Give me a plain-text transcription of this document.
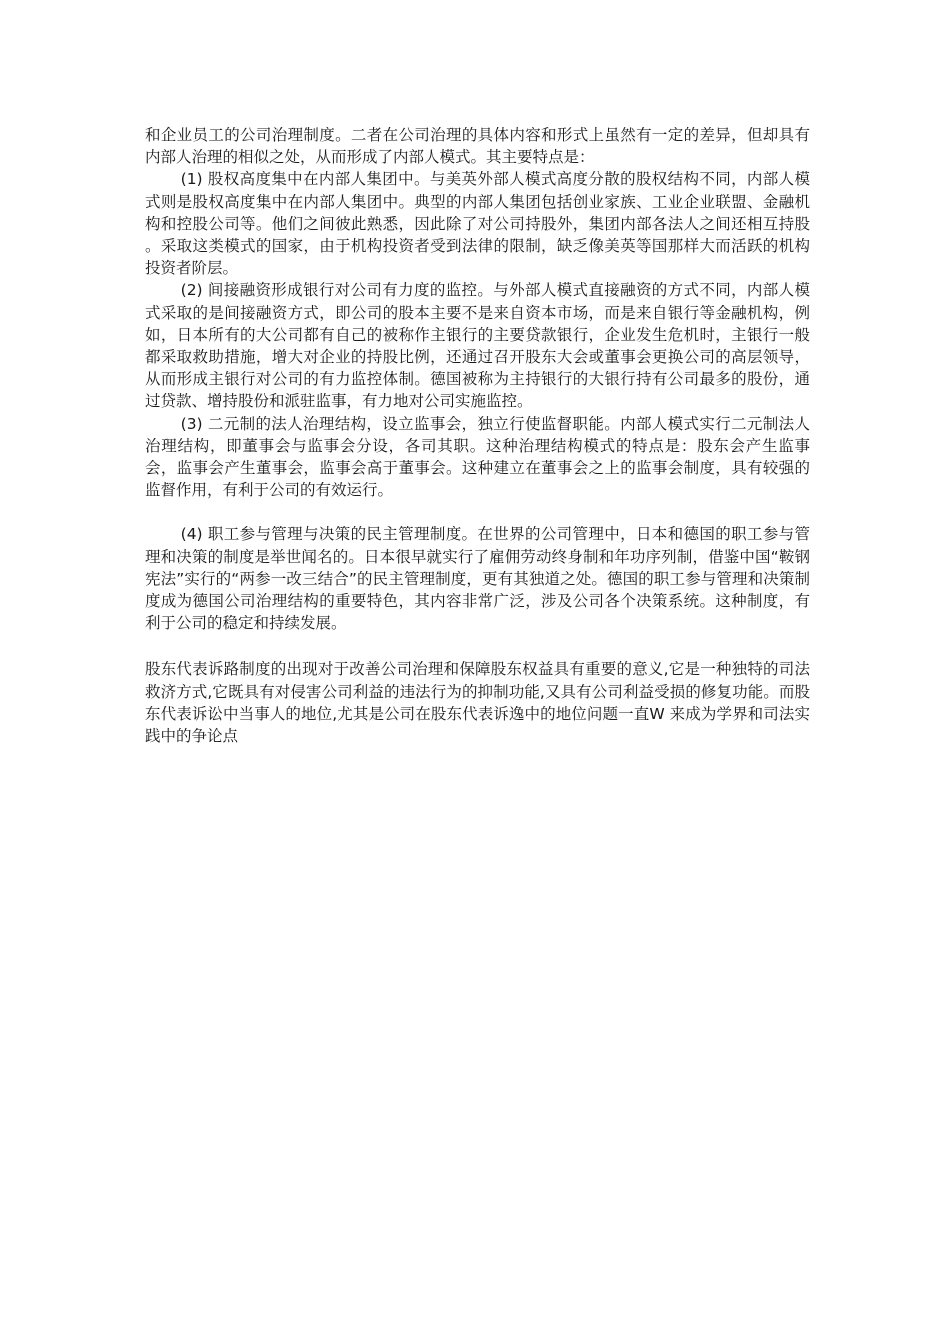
和企业员工的公司治理制度。二者在公司治理的具体内容和形式上虽然有一定的差异，但却具有内部人治理的相似之处，从而形成了内部人模式。其主要特点是：

(1) 股权高度集中在内部人集团中。与美英外部人模式高度分散的股权结构不同，内部人模式则是股权高度集中在内部人集团中。典型的内部人集团包括创业家族、工业企业联盟、金融机构和控股公司等。他们之间彼此熟悉，因此除了对公司持股外，集团内部各法人之间还相互持股 。采取这类模式的国家，由于机构投资者受到法律的限制，缺乏像美英等国那样大而活跃的机构投资者阶层。

(2) 间接融资形成银行对公司有力度的监控。与外部人模式直接融资的方式不同，内部人模式采取的是间接融资方式，即公司的股本主要不是来自资本市场，而是来自银行等金融机构，例如，日本所有的大公司都有自己的被称作主银行的主要贷款银行，企业发生危机时，主银行一般都采取救助措施，增大对企业的持股比例，还通过召开股东大会或董事会更换公司的高层领导，从而形成主银行对公司的有力监控体制。德国被称为主持银行的大银行持有公司最多的股份，通过贷款、增持股份和派驻监事，有力地对公司实施监控。

(3) 二元制的法人治理结构，设立监事会，独立行使监督职能。内部人模式实行二元制法人治理结构，即董事会与监事会分设，各司其职。这种治理结构模式的特点是：股东会产生监事会，监事会产生董事会，监事会高于董事会。这种建立在董事会之上的监事会制度，具有较强的监督作用，有利于公司的有效运行。

(4) 职工参与管理与决策的民主管理制度。在世界的公司管理中，日本和德国的职工参与管理和决策的制度是举世闻名的。日本很早就实行了雇佣劳动终身制和年功序列制，借鉴中国“鞍钢宪法”实行的“两参一改三结合”的民主管理制度，更有其独道之处。德国的职工参与管理和决策制度成为德国公司治理结构的重要特色，其内容非常广泛，涉及公司各个决策系统。这种制度，有利于公司的稳定和持续发展。

股东代表诉路制度的出现对于改善公司治理和保障股东权益具有重要的意义,它是一种独特的司法救济方式,它既具有对侵害公司利益的违法行为的抑制功能,又具有公司利益受损的修复功能。而股东代表诉讼中当事人的地位,尤其是公司在股东代表诉逸中的地位问题一直W 来成为学界和司法实践中的争论点
